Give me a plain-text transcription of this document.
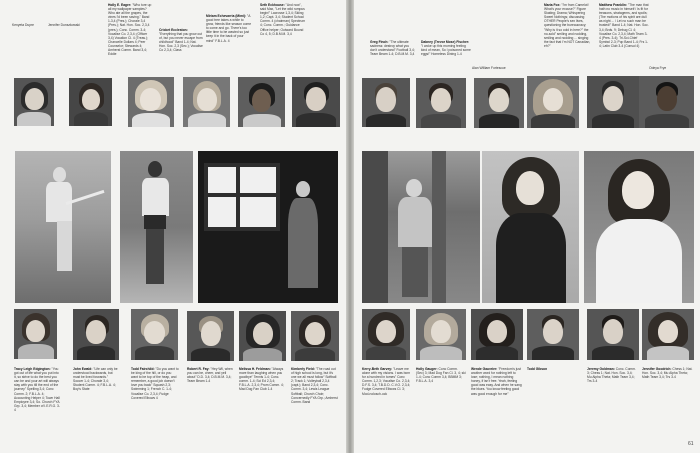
Kenyeta Dupre	Jennifer Dunszkowski
Holly E. Eager: "Who tore up all my wallpaper samples? Who ate all the grapes, the vines I'd been saving." Band 1-3,4 (Pres.); Chorale 3,4 (Pres.); Nat. Hon. Soc. 2,3,4 (pres.); Conc. Comm. 3-4; Vocalise Co. 2,3,4; (Officer 3,4) Vocalion Cl. 4 (Treas.); Chancelle Dollars 4; Peer Counselor; Stewards 4; Amherst Comm. Band 3,4; Eddie
Cricket Eccleston: "Everything that you grow out of, but you never escape from childhood" Band 1-4; Nat. Hon. Soc. 2,3 (Sec.); Vocalise Co 2,3,4; Class
Miriam Echevarria (Mimi): "A good tree takes a while to grow, friends like season come to come and go. There's too little time to be wasted so just keep it in the back of your mind" F.B.L.A. 4
Seth Eckhouse: "And now", said Max, "Let the wild rumpus begin!" Lacrosse 1,3,4; Skiing 1,2; Capt. 3,4; Student School Comm. 4 (chairman) Spectrum 4; Conc. Comm.; Guidance Office helper; Outward Bound Co 4, 5; D.B.M.M. 3,4
Tracy Leigh Edgington: "You got out of life what you put into it, so strive to do the best you can be and your art will always stay with you till the end of the journey" Spelling 3,4; Conc Comm. 2; F.B.L.A. 4; Accounting Helper 4; Town Hall Employee 3,4; So. Church FYA Grp. 3,4; Member of I.E.R.G. 3-4
John Ewald: "Life can only be understood backwards, but must be lived forwards." Soccer 1-4; Chorale 3,4; Student Comm. 4; F.B.L.A. 4; Boy's State
Todd Fairchild: "Do you want to be king of the hill, or do you want to be top of the heap, and remember, a good job doesn't love you back" Squash 2,3; Swimming 1; French C. 1-4; Vocalise Co. 2,3,4; Fudge Covered Elbows 4
Robert R. Fay: "Hey Wil, when you can be, cheer, and yell about" D.D. 3,4; D.B.M.M. 3,4; Team Beam 1-4
Melissa H. Feldman: "Always more than laughing when you goodbye" Tennis 1-4; Conc. comm. 1-4; Sci Ed 2,3,4; F.B.L.A. 2,3,4; Prom Comm. 4; Mad Dog Fan Club 1-4
Kimberly Field: "The road out of high school is long, but it's one we all must follow" Softball 2; Track 1; Volleyball 2,3,4 (capt.); Band 2,3,4; Conc. Comm. 3,4; Lewis League Softball; Church Choir; Concernedly FYA Grp.; Amherst Comm. Band
Greg Finch: "The ultimate sadness: destroy what you don't understand" Football 3,4; Team Beam 1-4; D.B.M.M. 3,4
Dabney (Trevor Mose) Fischer: "I woke up this morning feeling kind of mean, So I poisoned some eggs!" Homeless Dining 1-4
Maria Fox: "I'm from Camelot! What's your excuse?" Figure Skating; Drama; Whispering Sweet Nothings; discussing OTHER People's sex lives, questioning the bureaucracy; "Why is it so cold in here?" the no-sold" smiling and nodding, smiling and nodding ... singing the fact that I'm NOT Canadian, eh?"
Matthew Franklin: "The man that hath no music in himself / Is fit for treasons, stratagems, and spoils; (The motions of his spirit are dull as night ... / Let no such man be trusted!" Band 1-4; Nat. Hon. Soc. 3,4; Brds. 9; Debug Cl. 4; Vocalise Co. 2,3,4; Math Team 3-4 (Pres. 3-4); Tri-Sci-Chief Symbol 2-3; Pop Band 1-4; Frs 1-4; Latin Club 3-4 (Consul 4)
Alan William Fortescue	Odeya Frye
Kerry-Beth Garvey: "Leave me alone with my visions. I was born for a hundred in tomes" Conc Comm. 1,2,3; Vocalise Co. 2,3,4; D.F.S. 3,4; T.B.D.D. C.V.O. 2,3,4; Fudge Covered Elbows Cl. 3; Mod-nolosch-ock
Holly Gauger: Conc Comm. (Sec) 3; Mad Dog Fan Cl. 3, 4; ski 1-4; Conc Comm 3,4; BBMM 3; F.B.L.A. 3,4
Wende Gauvrier: "Freedom's just another word for nothing left to lose; nothing, I mean nothing honey, if isn't free. Yeah, feeling good was easy. And when he sang the blues. You know feeling good was good enough for me"
Todd Gibson	Jeremy Goldman: Conc. Comm. 3; Chess 1; Nat. Hon. Soc. 3,4; Mu Alpha Theta; Math Team 3,4; Trs 3-4
Jennifer Goodrich: Chess 1; Nat. Hon. Soc. 3,4; Mu Alpha Theta; Math Team 3,4; Trs 3-4
61
